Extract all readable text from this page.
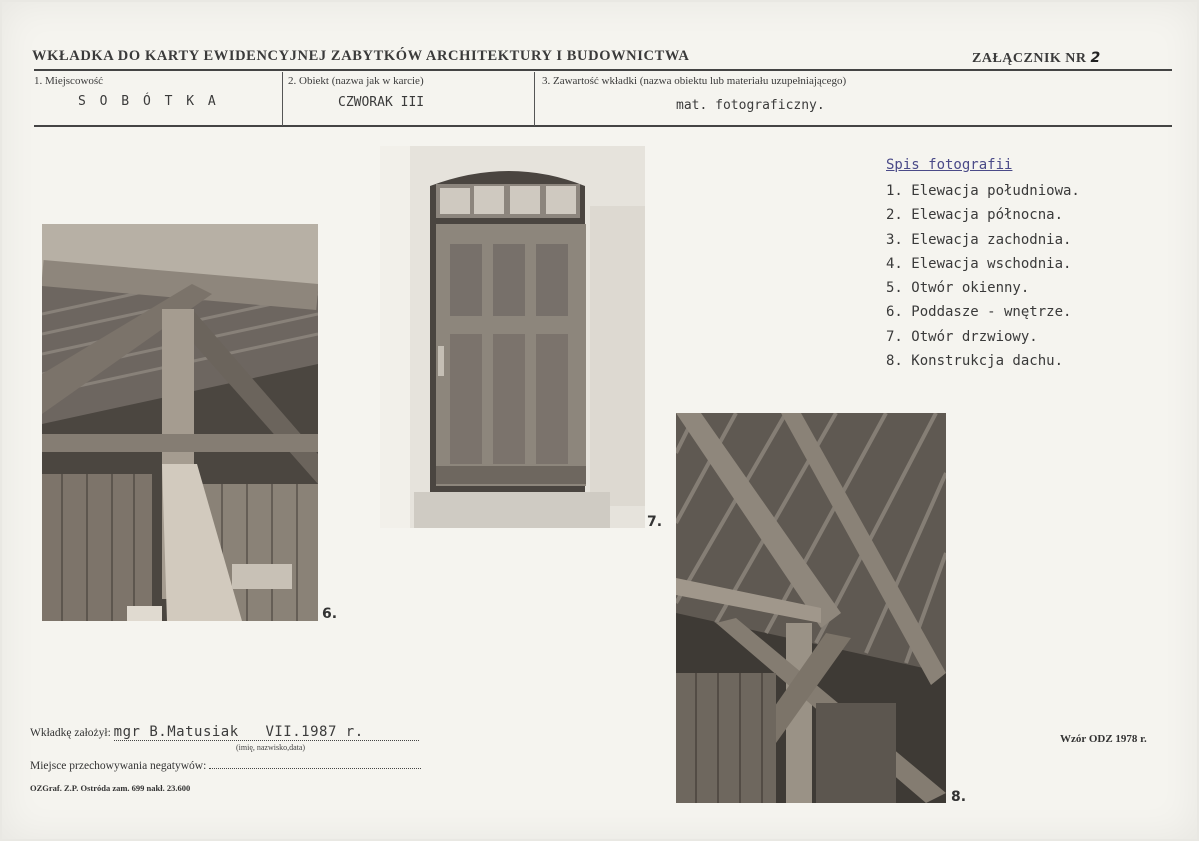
WKŁADKA DO KARTY EWIDENCYJNEJ ZABYTKÓW ARCHITEKTURY I BUDOWNICTWA	ZAŁĄCZNIK NR 2
1. Miejscowość
S O B Ó T K A
2. Obiekt (nazwa jak w karcie)
CZWORAK III
3. Zawartość wkładki (nazwa obiektu lub materiału uzupełniającego)
mat. fotograficzny.
6.
7.
8.
Spis fotografii
1. Elewacja południowa.
2. Elewacja północna.
3. Elewacja zachodnia.
4. Elewacja wschodnia.
5. Otwór okienny.
6. Poddasze - wnętrze.
7. Otwór drzwiowy.
8. Konstrukcja dachu.
Wkładkę założył: mgr B.Matusiak   VII.1987 r.
(imię, nazwisko,data)
Miejsce przechowywania negatywów:
OZGraf. Z.P. Ostróda zam. 699 nakł. 23.600
Wzór ODZ 1978 r.
